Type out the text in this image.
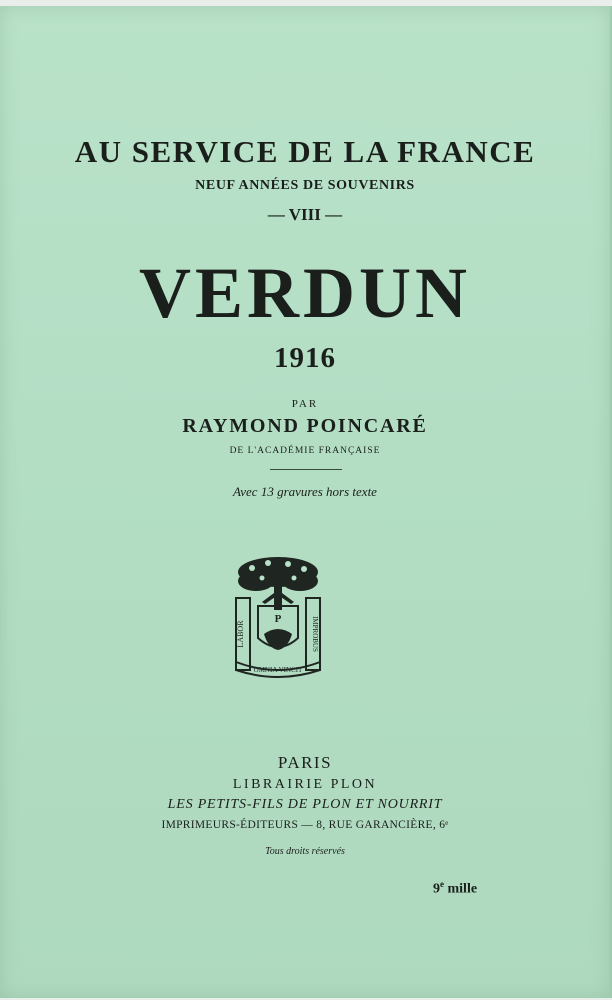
AU SERVICE DE LA FRANCE
NEUF ANNÉES DE SOUVENIRS
— VIII —
VERDUN
1916
PAR
RAYMOND POINCARÉ
DE L'ACADÉMIE FRANÇAISE
Avec 13 gravures hors texte
P
LABOR	IMPROBUS
OMNIA VINCIT
PARIS
LIBRAIRIE PLON
LES PETITS-FILS DE PLON ET NOURRIT
IMPRIMEURS-ÉDITEURS — 8, RUE GARANCIÈRE, 6ᵉ
Tous droits réservés
9e mille
